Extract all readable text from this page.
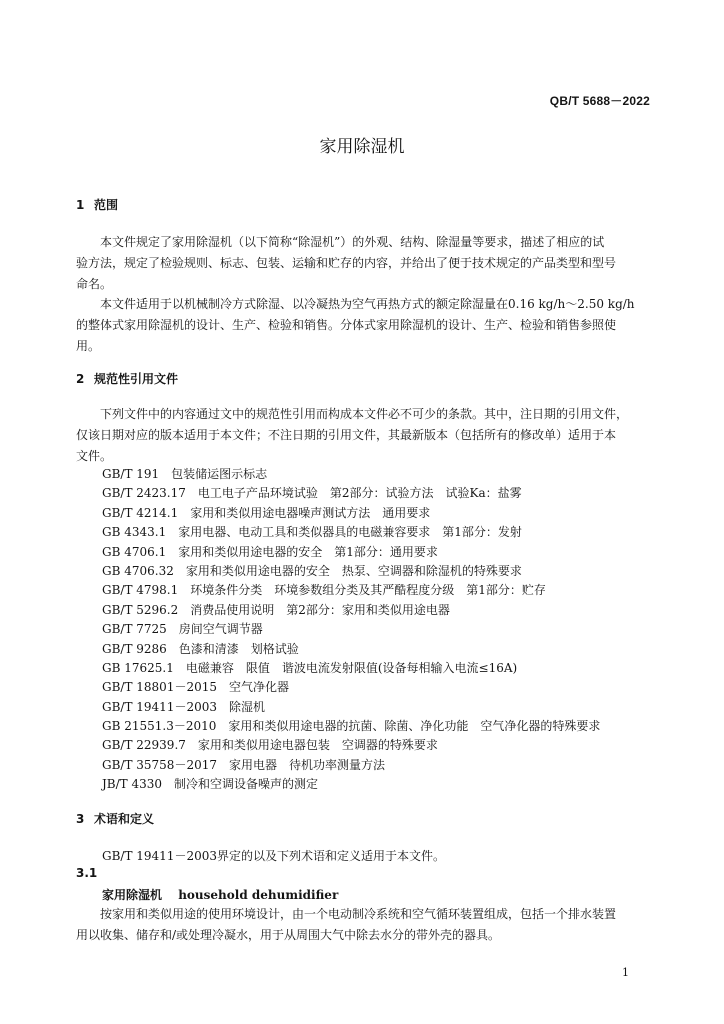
QB/T 5688－2022
家用除湿机
1 范围
　　本文件规定了家用除湿机（以下简称“除湿机”）的外观、结构、除湿量等要求，描述了相应的试
验方法，规定了检验规则、标志、包装、运输和贮存的内容，并给出了便于技术规定的产品类型和型号
命名。
　　本文件适用于以机械制冷方式除湿、以冷凝热为空气再热方式的额定除湿量在0.16 kg/h～2.50 kg/h
的整体式家用除湿机的设计、生产、检验和销售。分体式家用除湿机的设计、生产、检验和销售参照使
用。
2 规范性引用文件
　　下列文件中的内容通过文中的规范性引用而构成本文件必不可少的条款。其中，注日期的引用文件，
仅该日期对应的版本适用于本文件；不注日期的引用文件，其最新版本（包括所有的修改单）适用于本
文件。
GB/T 191　包装储运图示标志
GB/T 2423.17　电工电子产品环境试验　第2部分：试验方法　试验Ka：盐雾
GB/T 4214.1　家用和类似用途电器噪声测试方法　通用要求
GB 4343.1　家用电器、电动工具和类似器具的电磁兼容要求　第1部分：发射
GB 4706.1　家用和类似用途电器的安全　第1部分：通用要求
GB 4706.32　家用和类似用途电器的安全　热泵、空调器和除湿机的特殊要求
GB/T 4798.1　环境条件分类　环境参数组分类及其严酷程度分级　第1部分：贮存
GB/T 5296.2　消费品使用说明　第2部分：家用和类似用途电器
GB/T 7725　房间空气调节器
GB/T 9286　色漆和清漆　划格试验
GB 17625.1　电磁兼容　限值　谐波电流发射限值(设备每相输入电流≤16A)
GB/T 18801－2015　空气净化器
GB/T 19411－2003　除湿机
GB 21551.3－2010　家用和类似用途电器的抗菌、除菌、净化功能　空气净化器的特殊要求
GB/T 22939.7　家用和类似用途电器包装　空调器的特殊要求
GB/T 35758－2017　家用电器　待机功率测量方法
JB/T 4330　制冷和空调设备噪声的测定
3 术语和定义
GB/T 19411－2003界定的以及下列术语和定义适用于本文件。
3.1
家用除湿机　 household dehumidifier
　　按家用和类似用途的使用环境设计，由一个电动制冷系统和空气循环装置组成，包括一个排水装置
用以收集、储存和/或处理冷凝水，用于从周围大气中除去水分的带外壳的器具。
1
